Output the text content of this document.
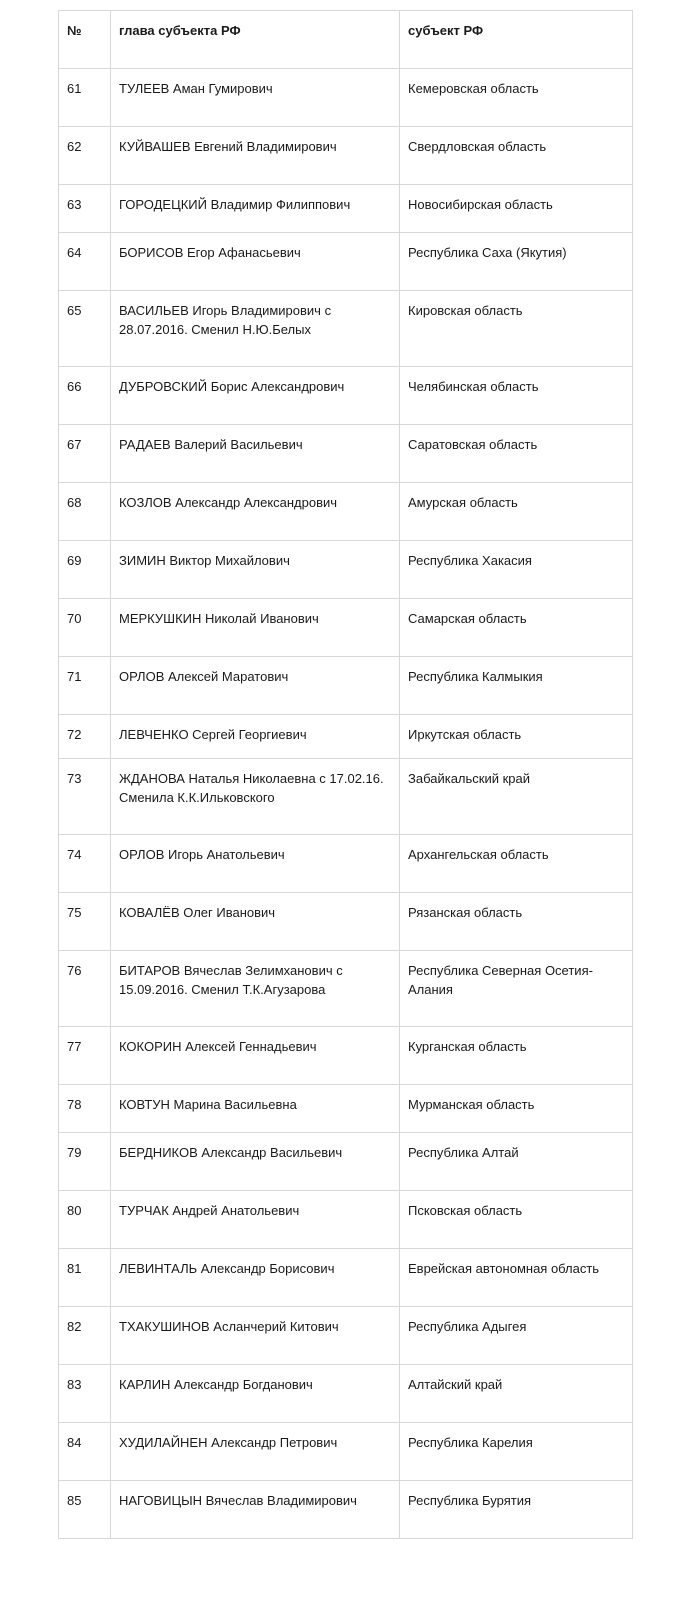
№	глава субъекта РФ	субъект РФ
61	ТУЛЕЕВ Аман Гумирович	Кемеровская область
62	КУЙВАШЕВ Евгений Владимирович	Свердловская область
63	ГОРОДЕЦКИЙ Владимир Филиппович	Новосибирская область
64	БОРИСОВ Егор Афанасьевич	Республика Саха (Якутия)
65	ВАСИЛЬЕВ Игорь Владимирович с 28.07.2016. Сменил Н.Ю.Белых	Кировская область
66	ДУБРОВСКИЙ Борис Александрович	Челябинская область
67	РАДАЕВ Валерий Васильевич	Саратовская область
68	КОЗЛОВ Александр Александрович	Амурская область
69	ЗИМИН Виктор Михайлович	Республика Хакасия
70	МЕРКУШКИН Николай Иванович	Самарская область
71	ОРЛОВ Алексей Маратович	Республика Калмыкия
72	ЛЕВЧЕНКО Сергей Георгиевич	Иркутская область
73	ЖДАНОВА Наталья Николаевна с 17.02.16. Сменила К.К.Ильковского	Забайкальский край
74	ОРЛОВ Игорь Анатольевич	Архангельская область
75	КОВАЛЁВ Олег Иванович	Рязанская область
76	БИТАРОВ Вячеслав Зелимханович с 15.09.2016. Сменил Т.К.Агузарова	Республика Северная Осетия-Алания
77	КОКОРИН Алексей Геннадьевич	Курганская область
78	КОВТУН Марина Васильевна	Мурманская область
79	БЕРДНИКОВ Александр Васильевич	Республика Алтай
80	ТУРЧАК Андрей Анатольевич	Псковская область
81	ЛЕВИНТАЛЬ Александр Борисович	Еврейская автономная область
82	ТХАКУШИНОВ Асланчерий Китович	Республика Адыгея
83	КАРЛИН Александр Богданович	Алтайский край
84	ХУДИЛАЙНЕН Александр Петрович	Республика Карелия
85	НАГОВИЦЫН Вячеслав Владимирович	Республика Бурятия
